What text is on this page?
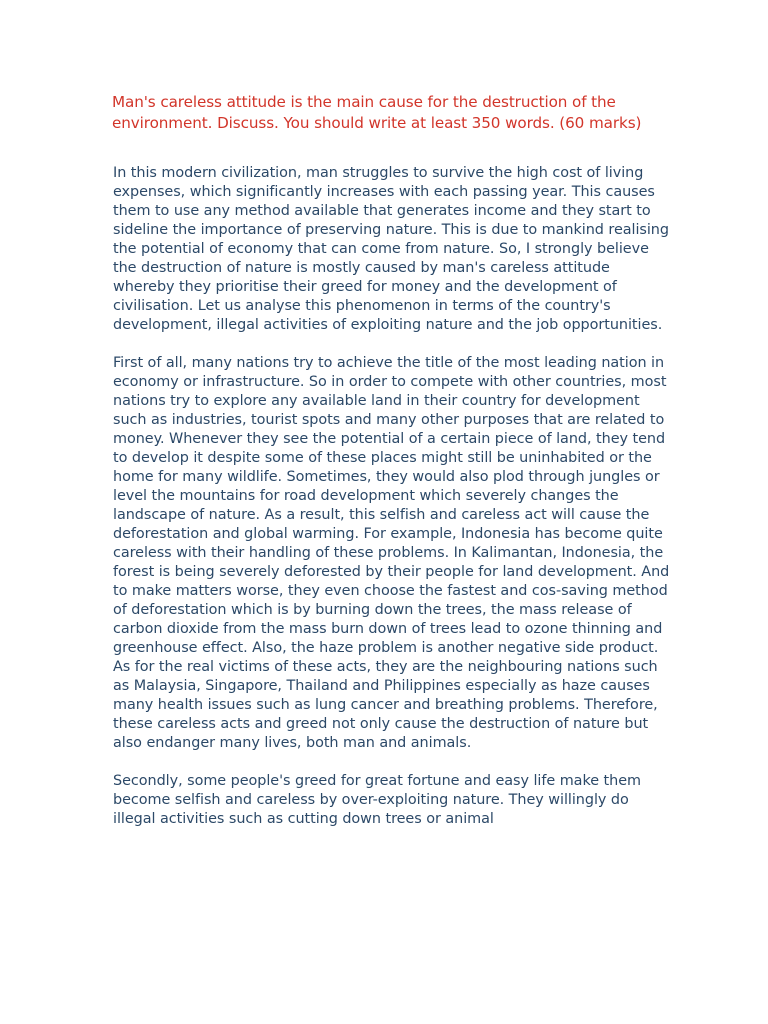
Man's careless attitude is the main cause for the destruction of the environment. Discuss. You should write at least 350 words. (60 marks)

In this modern civilization, man struggles to survive the high cost of living expenses, which significantly increases with each passing year. This causes them to use any method available that generates income and they start to sideline the importance of preserving nature. This is due to mankind realising the potential of economy that can come from nature. So, I strongly believe the destruction of nature is mostly caused by man's careless attitude whereby they prioritise their greed for money and the development of civilisation. Let us analyse this phenomenon in terms of the country's development, illegal activities of exploiting nature and the job opportunities.

First of all, many nations try to achieve the title of the most leading nation in economy or infrastructure. So in order to compete with other countries, most nations try to explore any available land in their country for development such as industries, tourist spots and many other purposes that are related to money. Whenever they see the potential of a certain piece of land, they tend to develop it despite some of these places might still be uninhabited or the home for many wildlife. Sometimes, they would also plod through jungles or level the mountains for road development which severely changes the landscape of nature. As a result, this selfish and careless act will cause the deforestation and global warming. For example, Indonesia has become quite careless with their handling of these problems. In Kalimantan, Indonesia, the forest is being severely deforested by their people for land development. And to make matters worse, they even choose the fastest and cos-saving method of deforestation which is by burning down the trees, the mass release of carbon dioxide from the mass burn down of trees lead to ozone thinning and greenhouse effect. Also, the haze problem is another negative side product. As for the real victims of these acts, they are the neighbouring nations such as Malaysia, Singapore, Thailand and Philippines especially as haze causes many health issues such as lung cancer and breathing problems. Therefore, these careless acts and greed not only cause the destruction of nature but also endanger many lives, both man and animals.

Secondly, some people's greed for great fortune and easy life make them become selfish and careless by over-exploiting nature. They willingly do illegal activities such as cutting down trees or animal
